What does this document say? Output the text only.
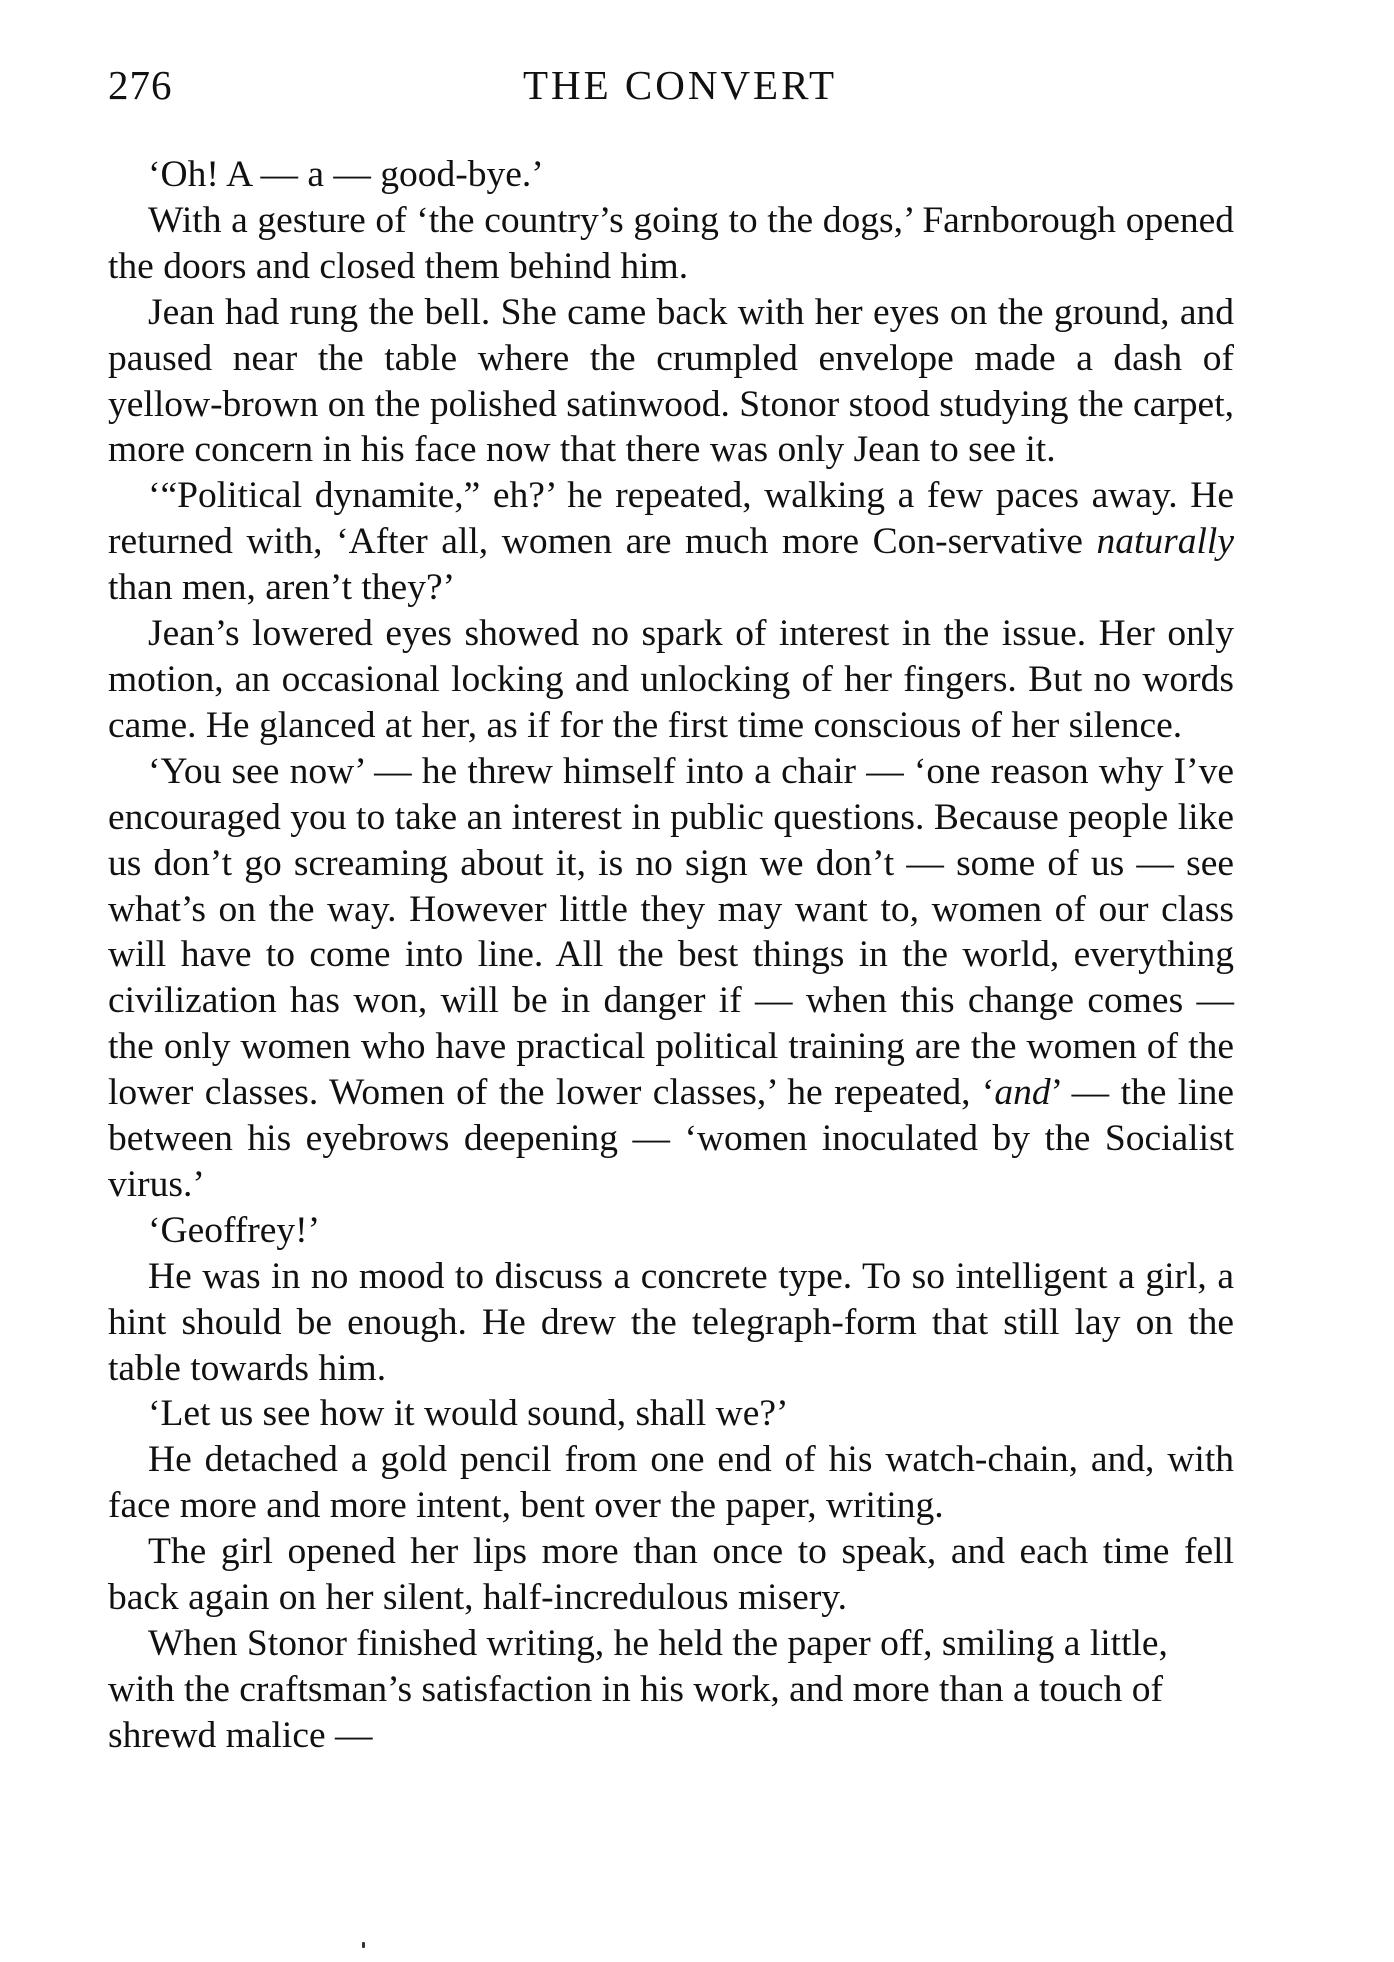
276	THE CONVERT

‘Oh! A — a — good-bye.’

With a gesture of ‘the country’s going to the dogs,’ Farnborough opened the doors and closed them behind him.

Jean had rung the bell. She came back with her eyes on the ground, and paused near the table where the crumpled envelope made a dash of yellow-brown on the polished satinwood. Stonor stood studying the carpet, more concern in his face now that there was only Jean to see it.

‘“Political dynamite,” eh?’ he repeated, walking a few paces away. He returned with, ‘After all, women are much more Con-servative naturally than men, aren’t they?’

Jean’s lowered eyes showed no spark of interest in the issue. Her only motion, an occasional locking and unlocking of her fingers. But no words came. He glanced at her, as if for the first time conscious of her silence.

‘You see now’ — he threw himself into a chair — ‘one reason why I’ve encouraged you to take an interest in public questions. Because people like us don’t go screaming about it, is no sign we don’t — some of us — see what’s on the way. However little they may want to, women of our class will have to come into line. All the best things in the world, everything civilization has won, will be in danger if — when this change comes — the only women who have practical political training are the women of the lower classes. Women of the lower classes,’ he repeated, ‘and’ — the line between his eyebrows deepening — ‘women inoculated by the Socialist virus.’

‘Geoffrey!’

He was in no mood to discuss a concrete type. To so intelligent a girl, a hint should be enough. He drew the telegraph-form that still lay on the table towards him.

‘Let us see how it would sound, shall we?’

He detached a gold pencil from one end of his watch-chain, and, with face more and more intent, bent over the paper, writing.

The girl opened her lips more than once to speak, and each time fell back again on her silent, half-incredulous misery.

When Stonor finished writing, he held the paper off, smiling a little, with the craftsman’s satisfaction in his work, and more than a touch of shrewd malice —
